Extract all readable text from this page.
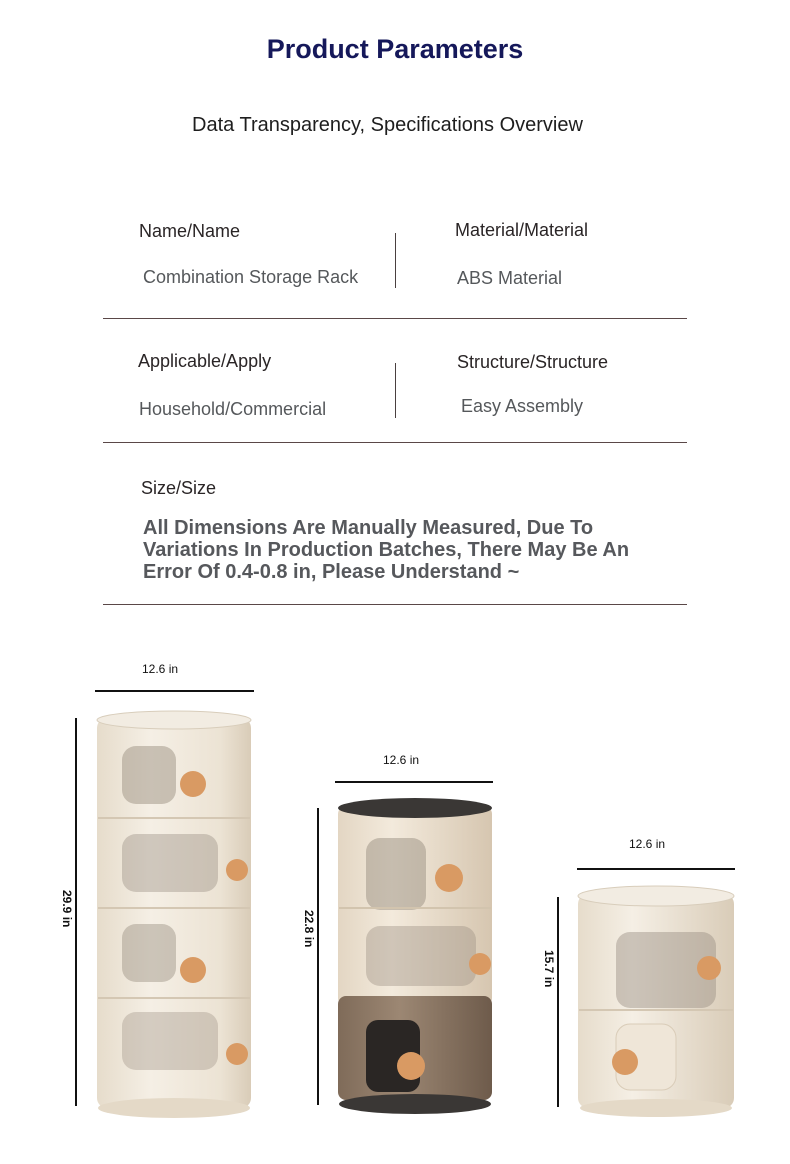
Product Parameters
Data Transparency, Specifications Overview
Name/Name
Combination Storage Rack
Material/Material
ABS Material
Applicable/Apply
Household/Commercial
Structure/Structure
Easy Assembly
Size/Size
All Dimensions Are Manually Measured, Due To Variations In Production Batches, There May Be An Error Of 0.4-0.8 in, Please Understand ~
12.6 in
29.9 in
12.6 in
22.8 in
12.6 in
15.7 in
